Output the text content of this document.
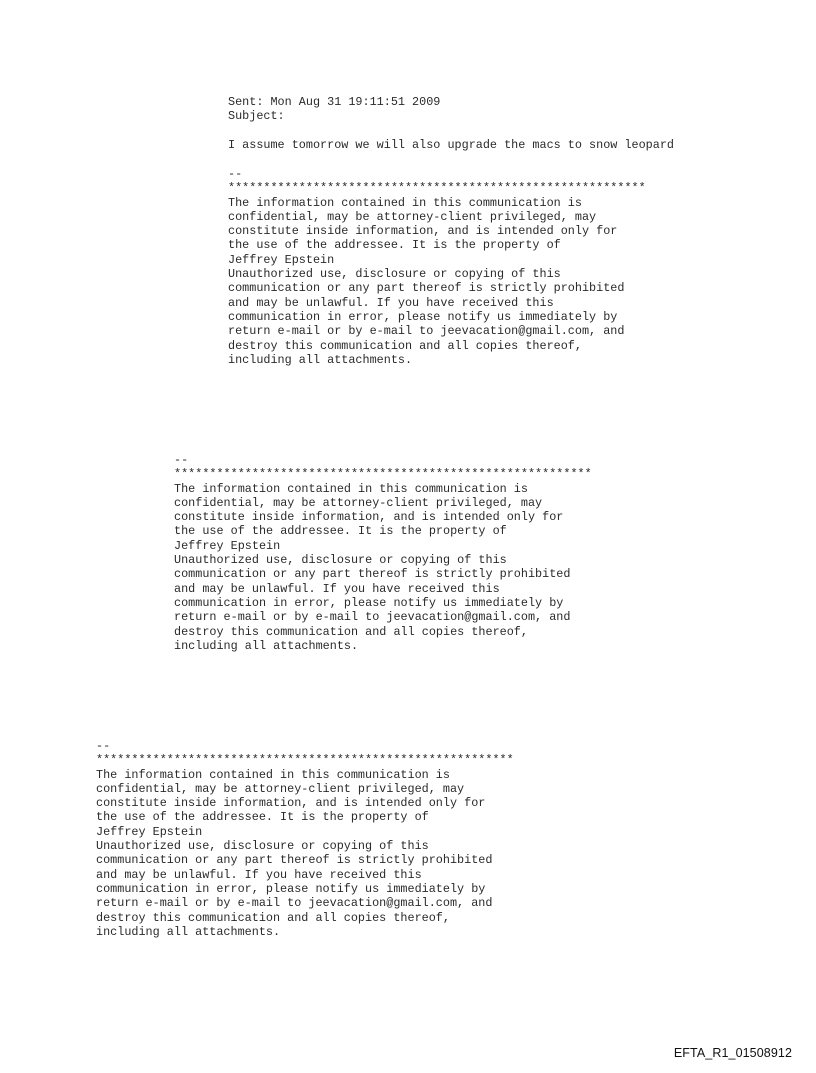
Sent: Mon Aug 31 19:11:51 2009
Subject:
I assume tomorrow we will also upgrade the macs to snow leopard
--
***********************************************************
The information contained in this communication is
confidential, may be attorney-client privileged, may
constitute inside information, and is intended only for
the use of the addressee. It is the property of
Jeffrey Epstein
Unauthorized use, disclosure or copying of this
communication or any part thereof is strictly prohibited
and may be unlawful. If you have received this
communication in error, please notify us immediately by
return e-mail or by e-mail to jeevacation@gmail.com, and
destroy this communication and all copies thereof,
including all attachments.
--
***********************************************************
The information contained in this communication is
confidential, may be attorney-client privileged, may
constitute inside information, and is intended only for
the use of the addressee. It is the property of
Jeffrey Epstein
Unauthorized use, disclosure or copying of this
communication or any part thereof is strictly prohibited
and may be unlawful. If you have received this
communication in error, please notify us immediately by
return e-mail or by e-mail to jeevacation@gmail.com, and
destroy this communication and all copies thereof,
including all attachments.
--
***********************************************************
The information contained in this communication is
confidential, may be attorney-client privileged, may
constitute inside information, and is intended only for
the use of the addressee. It is the property of
Jeffrey Epstein
Unauthorized use, disclosure or copying of this
communication or any part thereof is strictly prohibited
and may be unlawful. If you have received this
communication in error, please notify us immediately by
return e-mail or by e-mail to jeevacation@gmail.com, and
destroy this communication and all copies thereof,
including all attachments.
EFTA_R1_01508912
